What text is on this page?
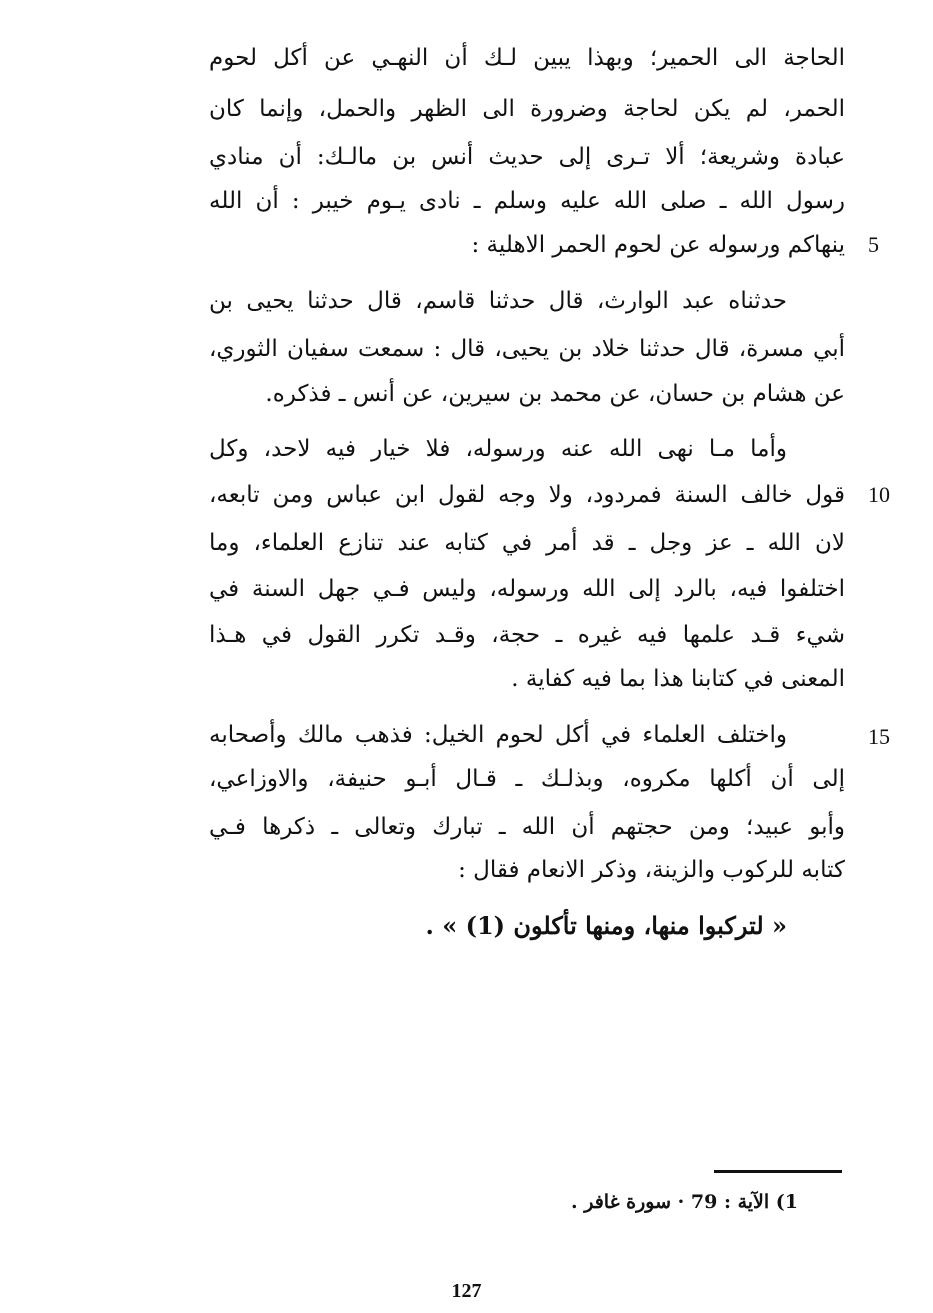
الحاجة الى الحمير؛ وبهذا يبين لـك أن النهـي عن أكل لحوم
الحمر، لم يكن لحاجة وضرورة الى الظهر والحمل، وإنما كان
عبادة وشريعة؛ ألا تـرى إلى حديث أنس بن مالـك: أن منادي
رسول الله ـ صلى الله عليه وسلم ـ نادى يـوم خيبر : أن الله
ينهاكم ورسوله عن لحوم الحمر الاهلية : 5
حدثناه عبد الوارث، قال حدثنا قاسم، قال حدثنا يحيى بن
أبي مسرة، قال حدثنا خلاد بن يحيى، قال : سمعت سفيان الثوري،
عن هشام بن حسان، عن محمد بن سيرين، عن أنس ـ فذكره.
وأما مـا نهى الله عنه ورسوله، فلا خيار فيه لاحد، وكل
قول خالف السنة فمردود، ولا وجه لقول ابن عباس ومن تابعه، 10
لان الله ـ عز وجل ـ قد أمر في كتابه عند تنازع العلماء، وما
اختلفوا فيه، بالرد إلى الله ورسوله، وليس فـي جهل السنة في
شيء قـد علمها فيه غيره ـ حجة، وقـد تكرر القول في هـذا
المعنى في كتابنا هذا بما فيه كفاية .
واختلف العلماء في أكل لحوم الخيل: فذهب مالك وأصحابه	15
إلى أن أكلها مكروه، وبذلـك ـ قـال أبـو حنيفة، والاوزاعي،
وأبو عبيد؛ ومن حجتهم أن الله ـ تبارك وتعالى ـ ذكرها فـي
كتابه للركوب والزينة، وذكر الانعام فقال :
« لتركبوا منها، ومنها تأكلون (1) » .
1) الآية : 79 · سورة غافر .
127
